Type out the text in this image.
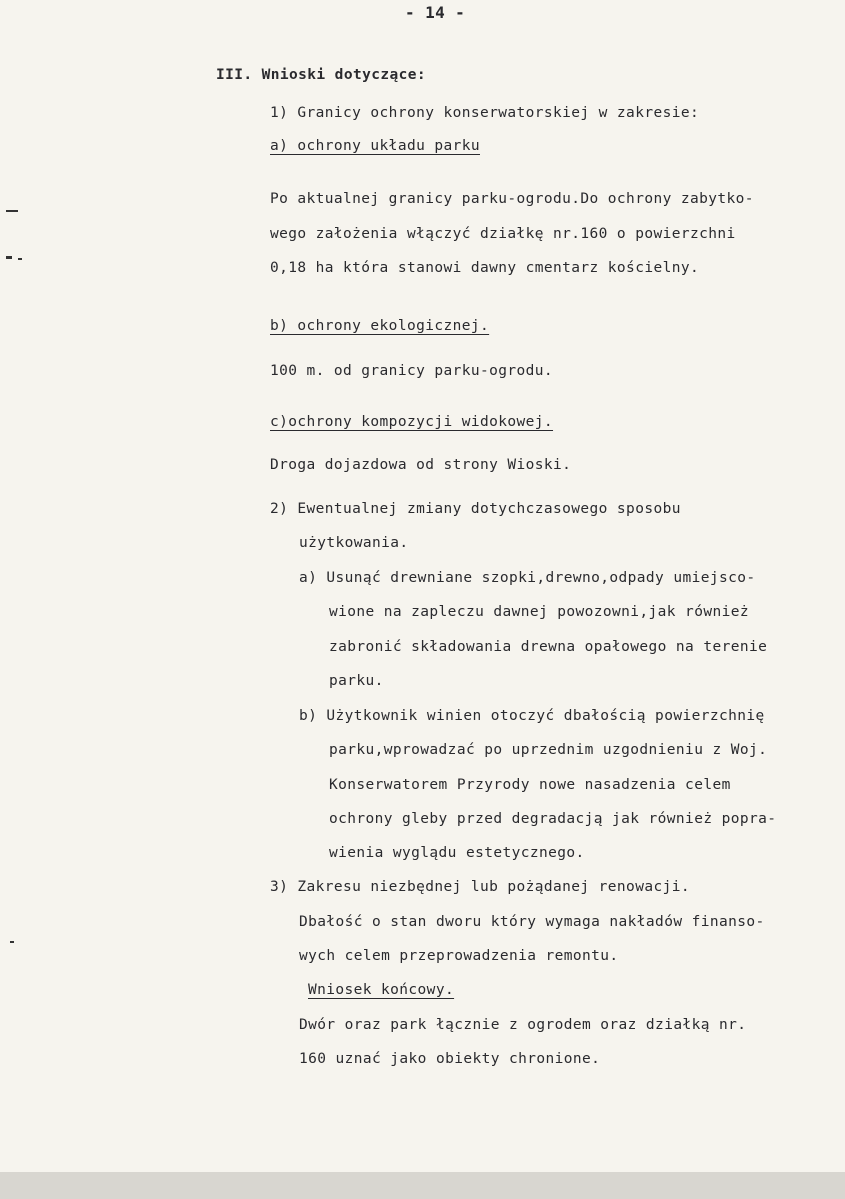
- 14 -
III. Wnioski dotyczące:
1) Granicy ochrony konserwatorskiej w zakresie:
a) ochrony układu parku
Po aktualnej granicy parku-ogrodu.Do ochrony zabytko-
wego założenia włączyć działkę nr.160 o powierzchni
0,18 ha która stanowi dawny cmentarz kościelny.
b) ochrony ekologicznej.
100 m. od granicy parku-ogrodu.
c)ochrony kompozycji widokowej.
Droga dojazdowa od strony Wioski.
2) Ewentualnej zmiany dotychczasowego sposobu
użytkowania.
a) Usunąć drewniane szopki,drewno,odpady umiejsco-
wione na zapleczu dawnej powozowni,jak również
zabronić składowania drewna opałowego na terenie
parku.
b) Użytkownik winien otoczyć dbałością powierzchnię
parku,wprowadzać po uprzednim uzgodnieniu z Woj.
Konserwatorem Przyrody nowe nasadzenia celem
ochrony gleby przed degradacją jak również popra-
wienia wyglądu estetycznego.
3) Zakresu niezbędnej lub pożądanej renowacji.
Dbałość o stan dworu który wymaga nakładów finanso-
wych celem przeprowadzenia remontu.
Wniosek końcowy.
Dwór oraz park łącznie z ogrodem oraz działką nr.
160 uznać jako obiekty chronione.
